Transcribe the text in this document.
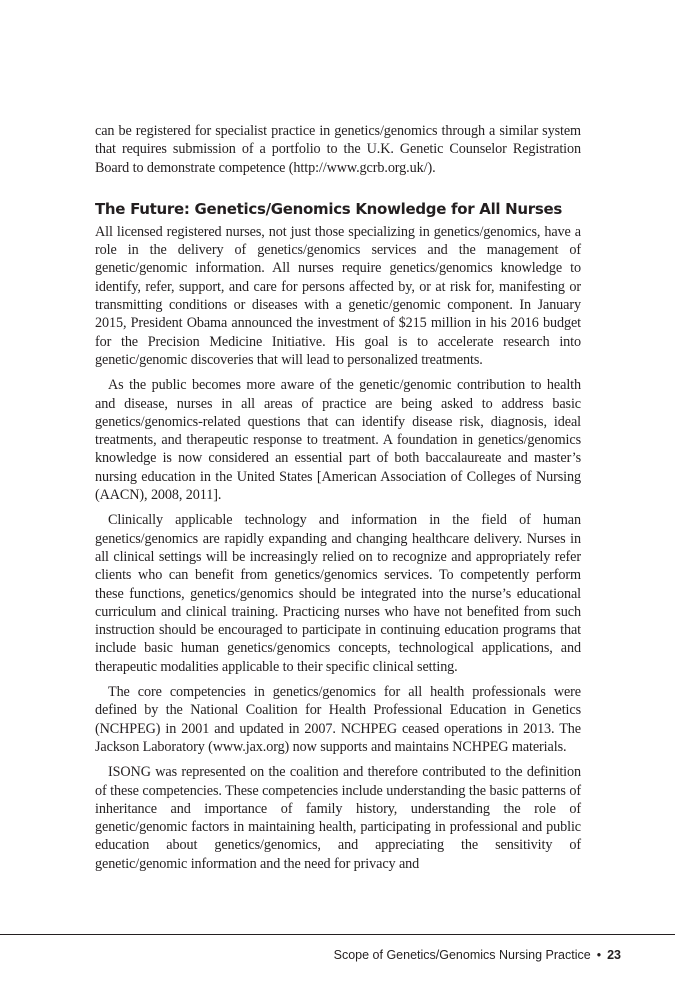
can be registered for specialist practice in genetics/genomics through a similar system that requires submission of a portfolio to the U.K. Genetic Counselor Registration Board to demonstrate competence (http://www.gcrb.org.uk/).

The Future: Genetics/Genomics Knowledge for All Nurses

All licensed registered nurses, not just those specializing in genetics/genomics, have a role in the delivery of genetics/genomics services and the management of genetic/genomic information. All nurses require genetics/genomics knowledge to identify, refer, support, and care for persons affected by, or at risk for, manifesting or transmitting conditions or diseases with a genetic/genomic component. In January 2015, President Obama announced the investment of $215 million in his 2016 budget for the Precision Medicine Initiative. His goal is to accelerate research into genetic/genomic discoveries that will lead to personalized treatments.

As the public becomes more aware of the genetic/genomic contribution to health and disease, nurses in all areas of practice are being asked to address basic genetics/genomics-related questions that can identify disease risk, diagnosis, ideal treatments, and therapeutic response to treatment. A foundation in genetics/genomics knowledge is now considered an essential part of both baccalaureate and master’s nursing education in the United States [American Association of Colleges of Nursing (AACN), 2008, 2011].

Clinically applicable technology and information in the field of human genetics/genomics are rapidly expanding and changing healthcare delivery. Nurses in all clinical settings will be increasingly relied on to recognize and appropriately refer clients who can benefit from genetics/genomics services. To competently perform these functions, genetics/genomics should be integrated into the nurse’s educational curriculum and clinical training. Practicing nurses who have not benefited from such instruction should be encouraged to participate in continuing education programs that include basic human genetics/genomics concepts, technological applications, and therapeutic modalities applicable to their specific clinical setting.

The core competencies in genetics/genomics for all health professionals were defined by the National Coalition for Health Professional Education in Genetics (NCHPEG) in 2001 and updated in 2007. NCHPEG ceased operations in 2013. The Jackson Laboratory (www.jax.org) now supports and maintains NCHPEG materials.

ISONG was represented on the coalition and therefore contributed to the definition of these competencies. These competencies include understanding the basic patterns of inheritance and importance of family history, understanding the role of genetic/genomic factors in maintaining health, participating in professional and public education about genetics/genomics, and appreciating the sensitivity of genetic/genomic information and the need for privacy and

Scope of Genetics/Genomics Nursing Practice • 23
